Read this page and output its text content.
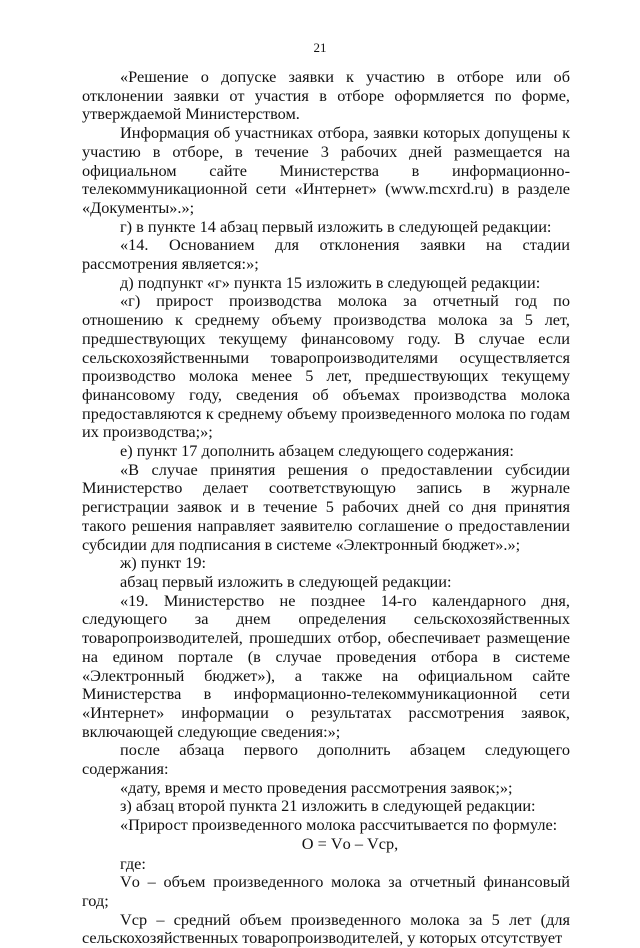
21

«Решение о допуске заявки к участию в отборе или об отклонении заявки от участия в отборе оформляется по форме, утверждаемой Министерством.

Информация об участниках отбора, заявки которых допущены к участию в отборе, в течение 3 рабочих дней размещается на официальном сайте Министерства в информационно-телекоммуникационной сети «Интернет» (www.mcxrd.ru) в разделе «Документы».»;

г) в пункте 14 абзац первый изложить в следующей редакции:

«14. Основанием для отклонения заявки на стадии рассмотрения является:»;

д) подпункт «г» пункта 15 изложить в следующей редакции:

«г) прирост производства молока за отчетный год по отношению к среднему объему производства молока за 5 лет, предшествующих текущему финансовому году. В случае если сельскохозяйственными товаропроизводителями осуществляется производство молока менее 5 лет, предшествующих текущему финансовому году, сведения об объемах производства молока предоставляются к среднему объему произведенного молока по годам их производства;»;

е) пункт 17 дополнить абзацем следующего содержания:

«В случае принятия решения о предоставлении субсидии Министерство делает соответствующую запись в журнале регистрации заявок и в течение 5 рабочих дней со дня принятия такого решения направляет заявителю соглашение о предоставлении субсидии для подписания в системе «Электронный бюджет».»;

ж) пункт 19:

абзац первый изложить в следующей редакции:

«19. Министерство не позднее 14-го календарного дня, следующего за днем определения сельскохозяйственных товаропроизводителей, прошедших отбор, обеспечивает размещение на едином портале (в случае проведения отбора в системе «Электронный бюджет»), а также на официальном сайте Министерства в информационно-телекоммуникационной сети «Интернет» информации о результатах рассмотрения заявок, включающей следующие сведения:»;

после абзаца первого дополнить абзацем следующего содержания:

«дату, время и место проведения рассмотрения заявок;»;

з) абзац второй пункта 21 изложить в следующей редакции:

«Прирост произведенного молока рассчитывается по формуле:

О = Vо – Vср,

где:

Vо – объем произведенного молока за отчетный финансовый год;

Vср – средний объем произведенного молока за 5 лет (для сельскохозяйственных товаропроизводителей, у которых отсутствует
